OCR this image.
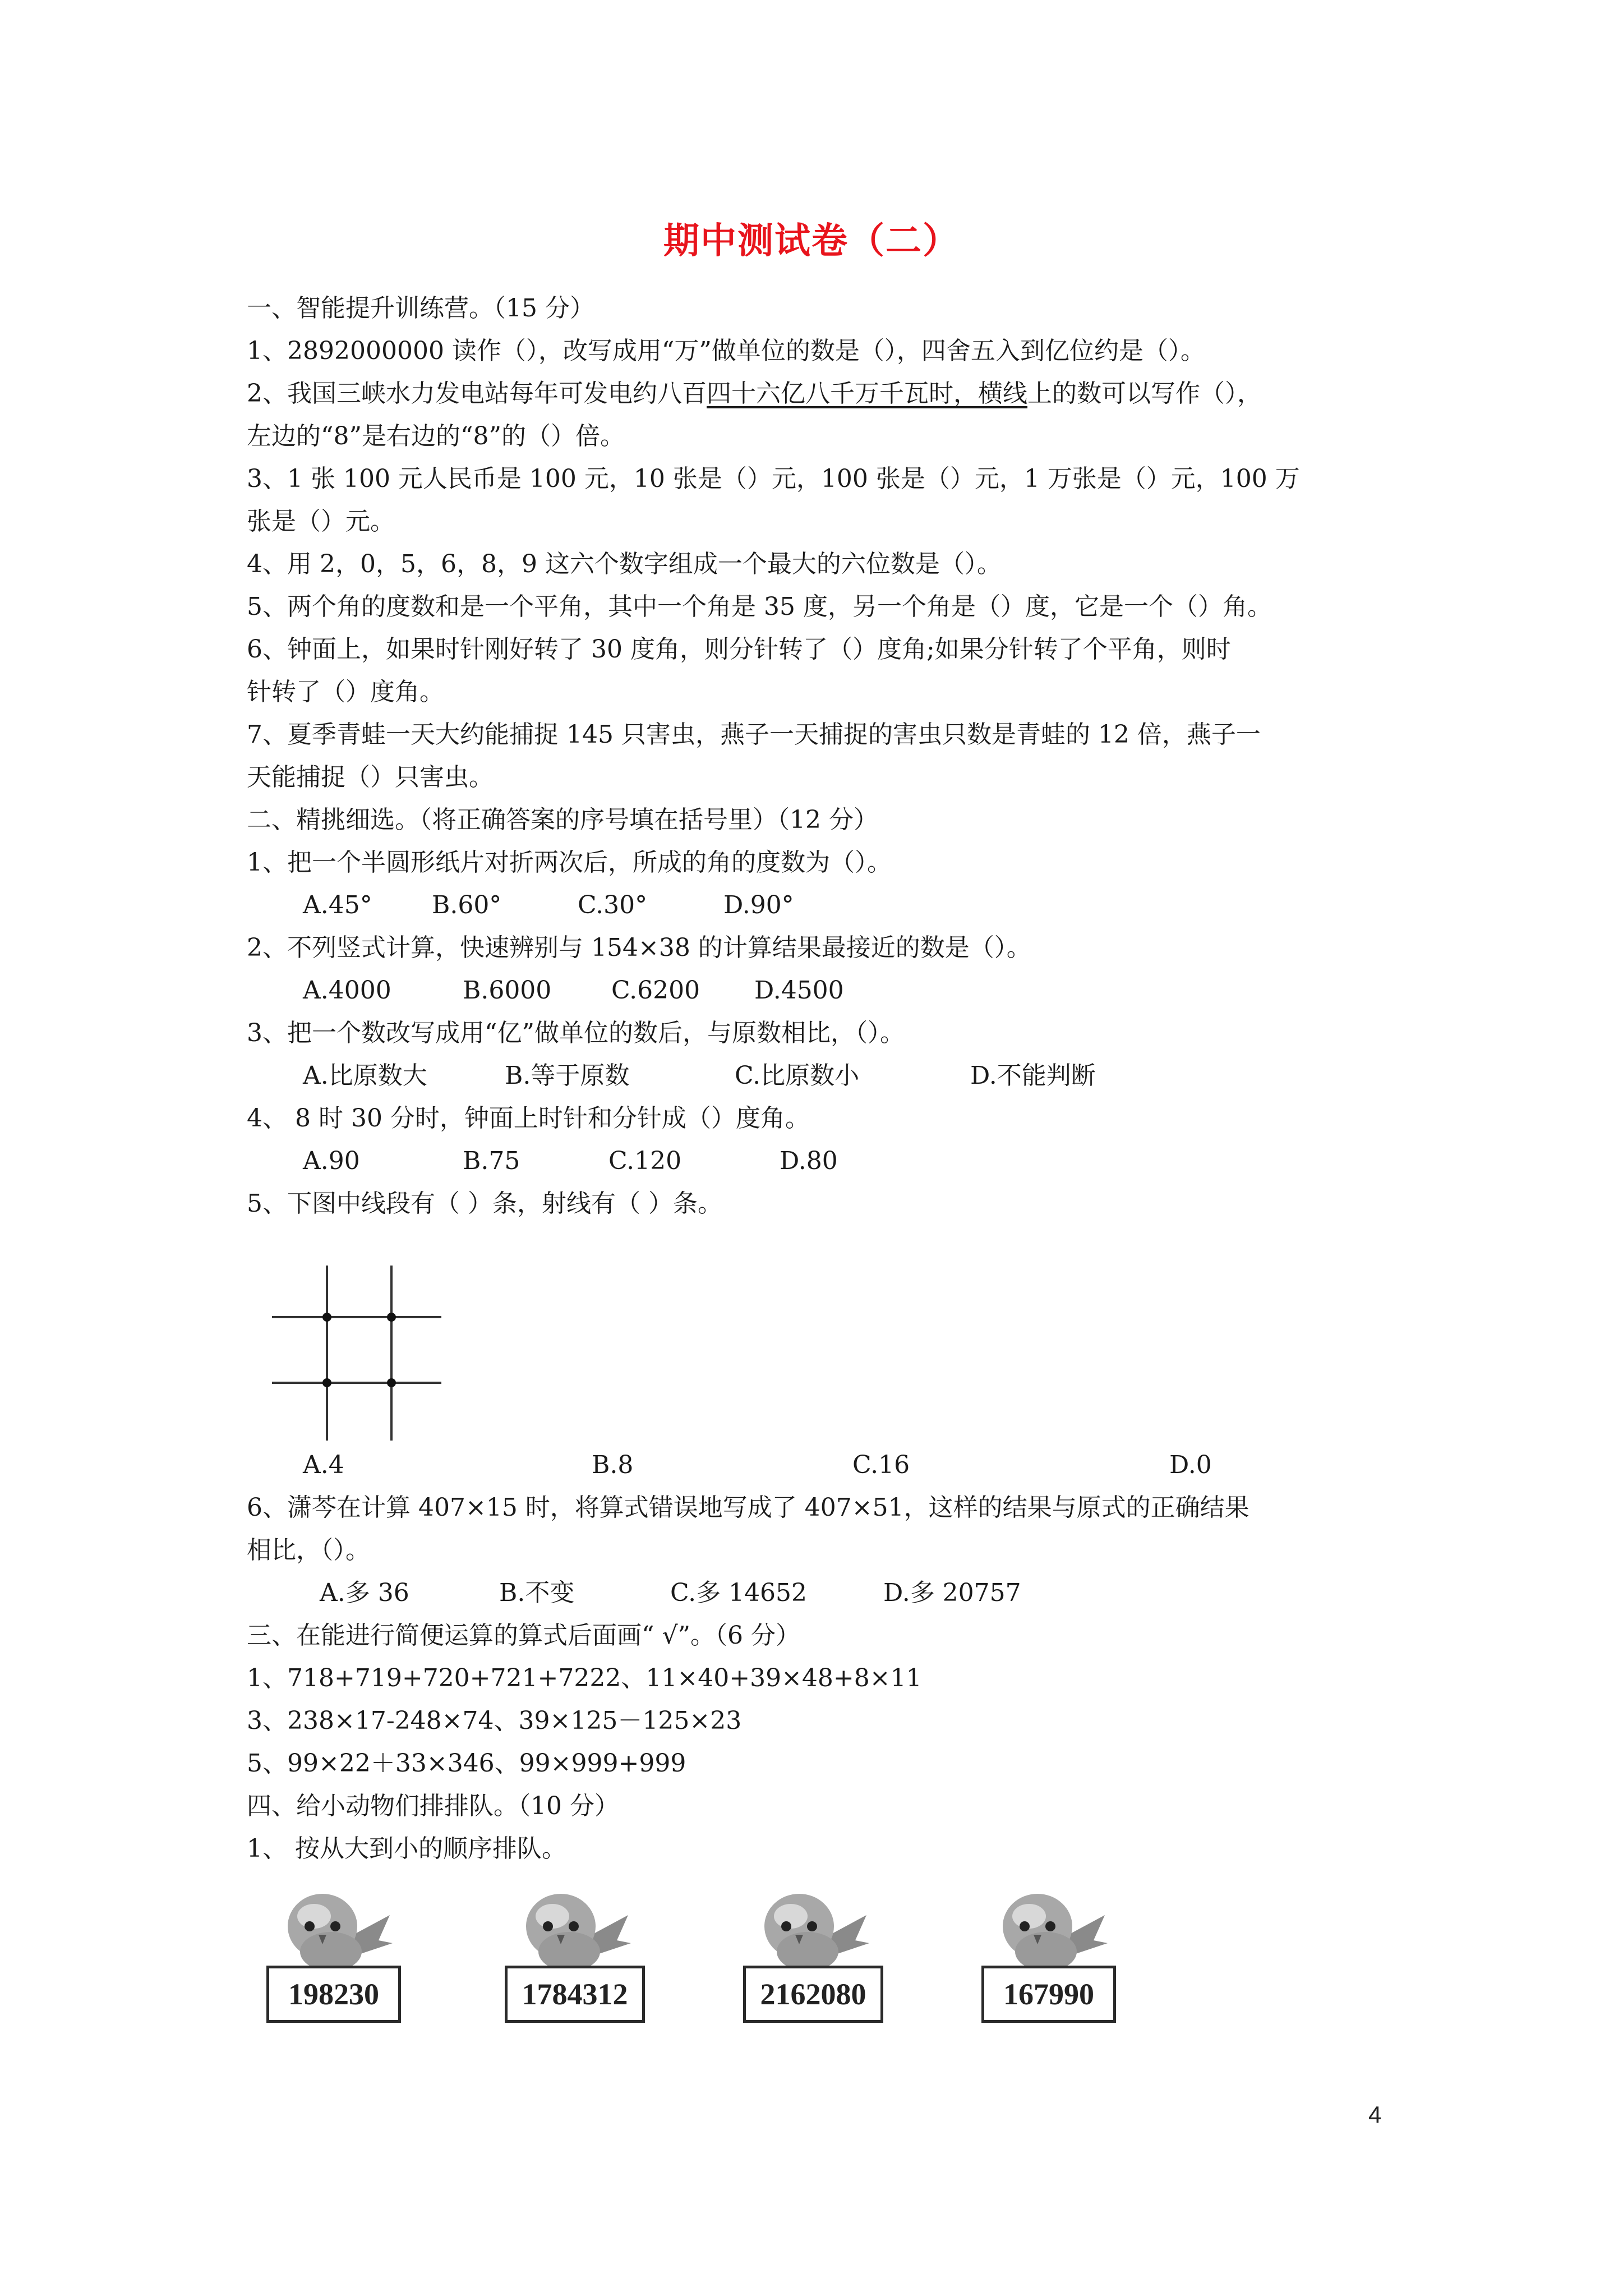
期中测试卷（二）
一、智能提升训练营。（15 分）
1、2892000000 读作（），改写成用“万”做单位的数是（），四舍五入到亿位约是（）。
2、我国三峡水力发电站每年可发电约八百四十六亿八千万千瓦时，横线上的数可以写作（），
左边的“8”是右边的“8”的（）倍。
3、1 张 100 元人民币是 100 元，10 张是（）元，100 张是（）元，1 万张是（）元，100 万
张是（）元。
4、用 2，0，5，6，8，9 这六个数字组成一个最大的六位数是（）。
5、两个角的度数和是一个平角，其中一个角是 35 度，另一个角是（）度，它是一个（）角。
6、钟面上，如果时针刚好转了 30 度角，则分针转了（）度角;如果分针转了个平角，则时
针转了（）度角。
7、夏季青蛙一天大约能捕捉 145 只害虫，燕子一天捕捉的害虫只数是青蛙的 12 倍，燕子一
天能捕捉（）只害虫。
二、精挑细选。（将正确答案的序号填在括号里）（12 分）
1、把一个半圆形纸片对折两次后，所成的角的度数为（）。
A.45° B.60°	C.30°	D.90°
2、不列竖式计算，快速辨别与 154×38 的计算结果最接近的数是（）。
A.4000	B.6000 C.6200 D.4500
3、把一个数改写成用“亿”做单位的数后，与原数相比，（）。
A.比原数大	B.等于原数	C.比原数小	D.不能判断
4、 8 时 30 分时，钟面上时针和分针成（）度角。
A.90	B.75	C.120	D.80
5、下图中线段有（ ）条，射线有（ ）条。
A.4	B.8	C.16	D.0
6、潇芩在计算 407×15 时，将算式错误地写成了 407×51，这样的结果与原式的正确结果
相比，（）。
A.多 36	B.不变	C.多 14652	D.多 20757
三、在能进行简便运算的算式后面画“ √”。（6 分）
1、718+719+720+721+7222、11×40+39×48+8×11
3、238×17-248×74、39×125－125×23
5、99×22＋33×346、99×999+999
四、给小动物们排排队。（10 分）
1、 按从大到小的顺序排队。
198230	1784312	2162080	167990
4
